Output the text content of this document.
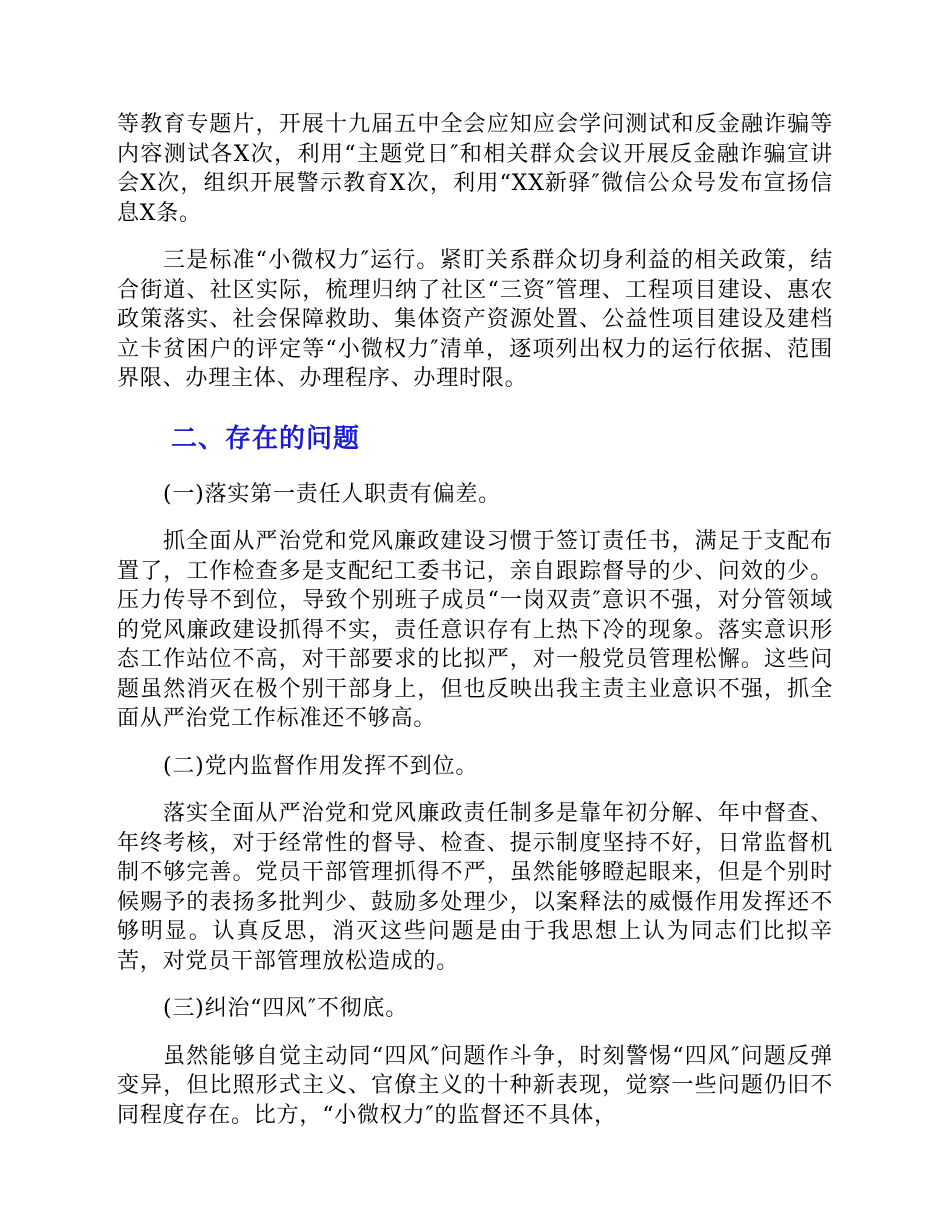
等教育专题片，开展十九届五中全会应知应会学问测试和反金融诈骗等内容测试各X次，利用“主题党日″和相关群众会议开展反金融诈骗宣讲会X次，组织开展警示教育X次，利用“XX新驿″微信公众号发布宣扬信息X条。

三是标准“小微权力″运行。紧盯关系群众切身利益的相关政策，结合街道、社区实际，梳理归纳了社区“三资″管理、工程项目建设、惠农政策落实、社会保障救助、集体资产资源处置、公益性项目建设及建档立卡贫困户的评定等“小微权力″清单，逐项列出权力的运行依据、范围界限、办理主体、办理程序、办理时限。

二、存在的问题

(一)落实第一责任人职责有偏差。

抓全面从严治党和党风廉政建设习惯于签订责任书，满足于支配布置了，工作检查多是支配纪工委书记，亲自跟踪督导的少、问效的少。压力传导不到位，导致个别班子成员“一岗双责″意识不强，对分管领域的党风廉政建设抓得不实，责任意识存有上热下冷的现象。落实意识形态工作站位不高，对干部要求的比拟严，对一般党员管理松懈。这些问题虽然消灭在极个别干部身上，但也反映出我主责主业意识不强，抓全面从严治党工作标准还不够高。

(二)党内监督作用发挥不到位。

落实全面从严治党和党风廉政责任制多是靠年初分解、年中督查、年终考核，对于经常性的督导、检查、提示制度坚持不好，日常监督机制不够完善。党员干部管理抓得不严，虽然能够瞪起眼来，但是个别时候赐予的表扬多批判少、鼓励多处理少，以案释法的威慑作用发挥还不够明显。认真反思，消灭这些问题是由于我思想上认为同志们比拟辛苦，对党员干部管理放松造成的。

(三)纠治“四风″不彻底。

虽然能够自觉主动同“四风″问题作斗争，时刻警惕“四风″问题反弹变异，但比照形式主义、官僚主义的十种新表现，觉察一些问题仍旧不同程度存在。比方，“小微权力″的监督还不具体，
